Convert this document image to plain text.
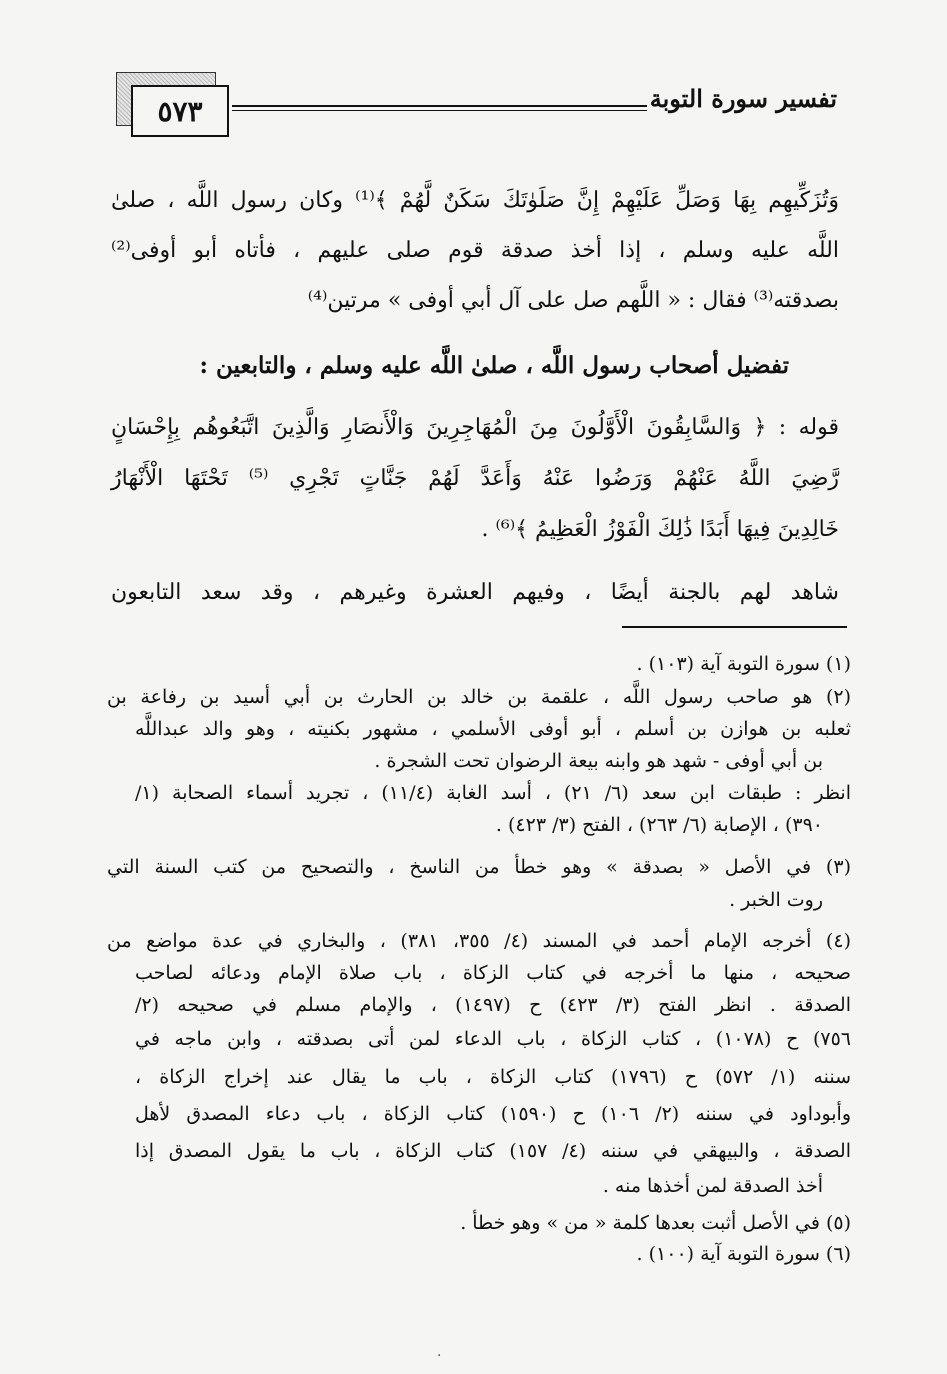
٥٧٣	تفسير سورة التوبة
وَتُزَكِّيهِم بِهَا وَصَلِّ عَلَيْهِمْ إِنَّ صَلَوٰتَكَ سَكَنٌ لَّهُمْ ﴾⁽¹⁾ وكان رسول اللَّه ، صلىٰ
اللَّه عليه وسلم ، إذا أخذ صدقة قوم صلى عليهم ، فأتاه أبو أوفى⁽²⁾
بصدقته⁽³⁾ فقال : « اللَّهم صل على آل أبي أوفى » مرتين⁽⁴⁾
تفضيل أصحاب رسول اللَّه ، صلىٰ اللَّه عليه وسلم ، والتابعين :
قوله : ﴿ وَالسَّابِقُونَ الْأَوَّلُونَ مِنَ الْمُهَاجِرِينَ وَالْأَنصَارِ وَالَّذِينَ اتَّبَعُوهُم بِإِحْسَانٍ
رَّضِيَ اللَّهُ عَنْهُمْ وَرَضُوا عَنْهُ وَأَعَدَّ لَهُمْ جَنَّاتٍ تَجْرِي ⁽⁵⁾ تَحْتَهَا الْأَنْهَارُ
خَالِدِينَ فِيهَا أَبَدًا ذَٰلِكَ الْفَوْزُ الْعَظِيمُ ﴾⁽⁶⁾ .
شاهد لهم بالجنة أيضًا ، وفيهم العشرة وغيرهم ، وقد سعد التابعون
(١) سورة التوبة آية (١٠٣) .
(٢) هو صاحب رسول اللَّه ، علقمة بن خالد بن الحارث بن أبي أسيد بن رفاعة بن
ثعلبه بن هوازن بن أسلم ، أبو أوفى الأسلمي ، مشهور بكنيته ، وهو والد عبداللَّه
بن أبي أوفى - شهد هو وابنه بيعة الرضوان تحت الشجرة .
انظر : طبقات ابن سعد (٦/ ٢١) ، أسد الغابة (١١/٤) ، تجريد أسماء الصحابة (١/
٣٩٠) ، الإصابة (٦/ ٢٦٣) ، الفتح (٣/ ٤٢٣) .
(٣) في الأصل « بصدقة » وهو خطأ من الناسخ ، والتصحيح من كتب السنة التي
روت الخبر .
(٤) أخرجه الإمام أحمد في المسند (٤/ ٣٥٥، ٣٨١) ، والبخاري في عدة مواضع من
صحيحه ، منها ما أخرجه في كتاب الزكاة ، باب صلاة الإمام ودعائه لصاحب
الصدقة . انظر الفتح (٣/ ٤٢٣) ح (١٤٩٧) ، والإمام مسلم في صحيحه (٢/
٧٥٦) ح (١٠٧٨) ، كتاب الزكاة ، باب الدعاء لمن أتى بصدقته ، وابن ماجه في
سننه (١/ ٥٧٢) ح (١٧٩٦) كتاب الزكاة ، باب ما يقال عند إخراج الزكاة ،
وأبوداود في سننه (٢/ ١٠٦) ح (١٥٩٠) كتاب الزكاة ، باب دعاء المصدق لأهل
الصدقة ، والبيهقي في سننه (٤/ ١٥٧) كتاب الزكاة ، باب ما يقول المصدق إذا
أخذ الصدقة لمن أخذها منه .
(٥) في الأصل أثبت بعدها كلمة « من » وهو خطأ .
(٦) سورة التوبة آية (١٠٠) .
·
